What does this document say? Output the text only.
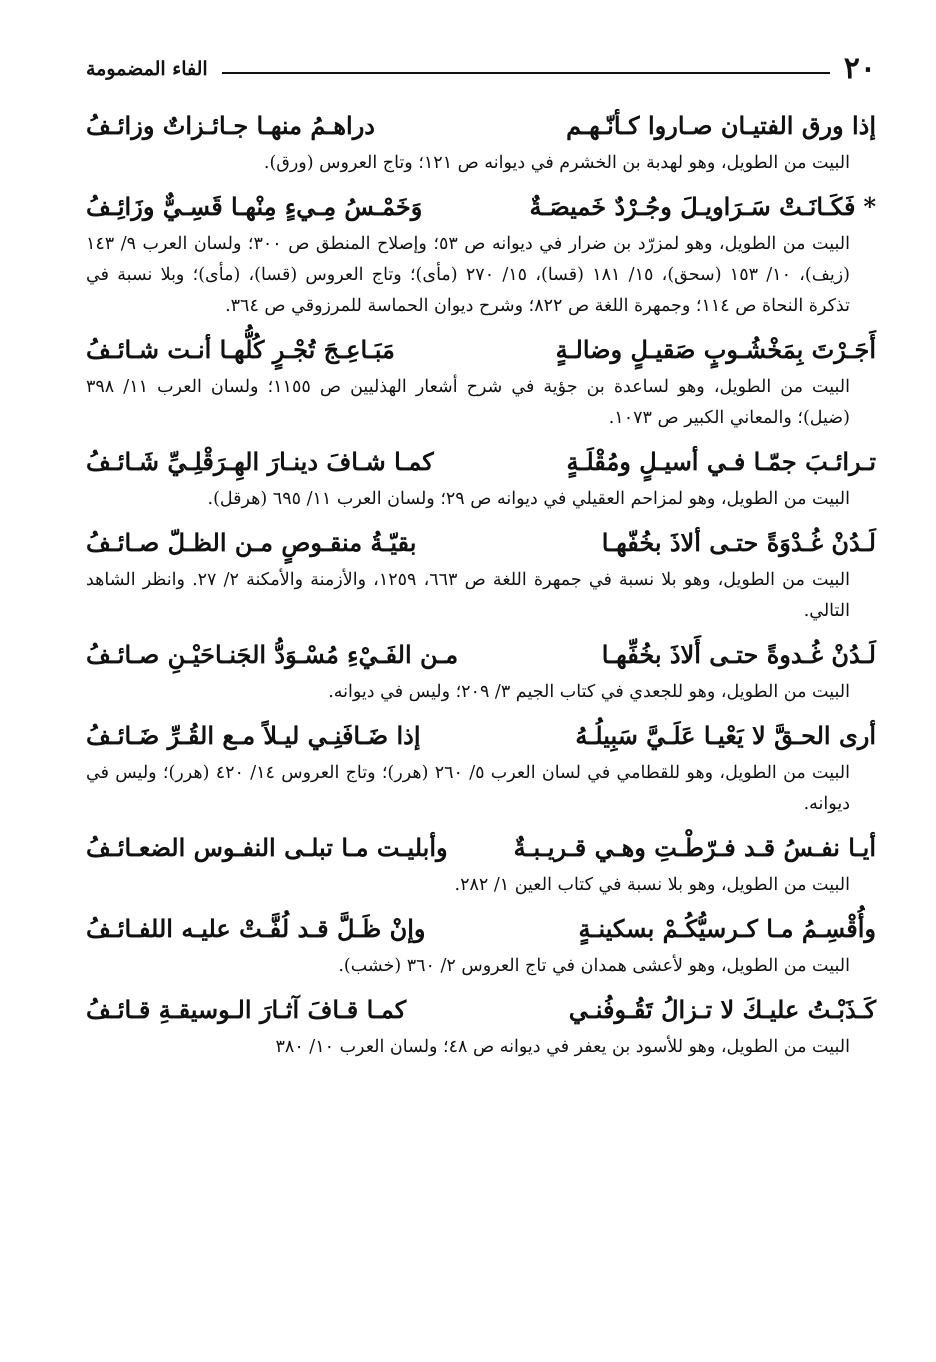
٢٠
الفاء المضمومة
إذا ورق الفتيـان صـاروا كـأنّـهـم
دراهـمُ منهـا جـائـزاتٌ وزائـفُ

البيت من الطويل، وهو لهدبة بن الخشرم في ديوانه ص ١٢١؛ وتاج العروس (ورق).

*فَكَـانَـتْ سَـرَاويـلَ وجُـرْدٌ خَميصَـةٌ
وَخَمْـسُ مِـيءٍ مِنْهـا قَسِـيٌّ وزَائِـفُ

البيت من الطويل، وهو لمزرّد بن ضرار في ديوانه ص ٥٣؛ وإصلاح المنطق ص ٣٠٠؛ ولسان العرب ٩/ ١٤٣ (زيف)، ١٠/ ١٥٣ (سحق)، ١٥/ ١٨١ (قسا)، ١٥/ ٢٧٠ (مأى)؛ وتاج العروس (قسا)، (مأى)؛ وبلا نسبة في تذكرة النحاة ص ١١٤؛ وجمهرة اللغة ص ٨٢٢؛ وشرح ديوان الحماسة للمرزوقي ص ٣٦٤.

أَجَـرْتَ بِمَخْشُـوبٍ صَقيـلٍ وضالـةٍ
مَبَـاعِـجَ تُجْـرٍ كُلُّهـا أنـت شـائـفُ

البيت من الطويل، وهو لساعدة بن جؤية في شرح أشعار الهذليين ص ١١٥٥؛ ولسان العرب ١١/ ٣٩٨ (ضيل)؛ والمعاني الكبير ص ١٠٧٣.

تـرائـبَ جمّـا فـي أسيـلٍ ومُقْلَـةٍ
كمـا شـافَ دينـارَ الهِـرَقْلِـيِّ شَـائـفُ

البيت من الطويل، وهو لمزاحم العقيلي في ديوانه ص ٢٩؛ ولسان العرب ١١/ ٦٩٥ (هرقل).

لَـدُنْ غُـدْوَةً حتـى ألاذَ بخُفّهـا
بقيّـةُ منقـوصٍ مـن الظـلّ صـائـفُ

البيت من الطويل، وهو بلا نسبة في جمهرة اللغة ص ٦٦٣، ١٢٥٩، والأزمنة والأمكنة ٢/ ٢٧. وانظر الشاهد التالي.

لَـدُنْ غُـدوةً حتـى أَلاذَ بخُفِّهـا
مـن الفَـيْءِ مُسْـوَدُّ الجَنـاحَيْـنِ صـائـفُ

البيت من الطويل، وهو للجعدي في كتاب الجيم ٣/ ٢٠٩؛ وليس في ديوانه.

أرى الحـقَّ لا يَعْيـا عَلَـيَّ سَبِيلُـهُ
إذا ضَـافَنِـي ليـلاً مـع القُـرِّ ضَـائـفُ

البيت من الطويل، وهو للقطامي في لسان العرب ٥/ ٢٦٠ (هرر)؛ وتاج العروس ١٤/ ٤٢٠ (هرر)؛ وليس في ديوانه.

أيـا نفـسُ قـد فـرّطْـتِ وهـي قـريـبـةٌ
وأبليـت مـا تبلـى النفـوس الضعـائـفُ

البيت من الطويل، وهو بلا نسبة في كتاب العين ١/ ٢٨٢.

وأُقْسِـمُ مـا كـرسيُّكُـمْ بسكينـةٍ
وإنْ ظَـلَّ قـد لُفَّـتْ عليـه اللفـائـفُ

البيت من الطويل، وهو لأعشى همدان في تاج العروس ٢/ ٣٦٠ (خشب).

كَـذَبْـتُ عليـكَ لا تـزالُ تَقُـوفُنـي
كمـا قـافَ آثـارَ الـوسيقـةِ قـائـفُ

البيت من الطويل، وهو للأسود بن يعفر في ديوانه ص ٤٨؛ ولسان العرب ١٠/ ٣٨٠
